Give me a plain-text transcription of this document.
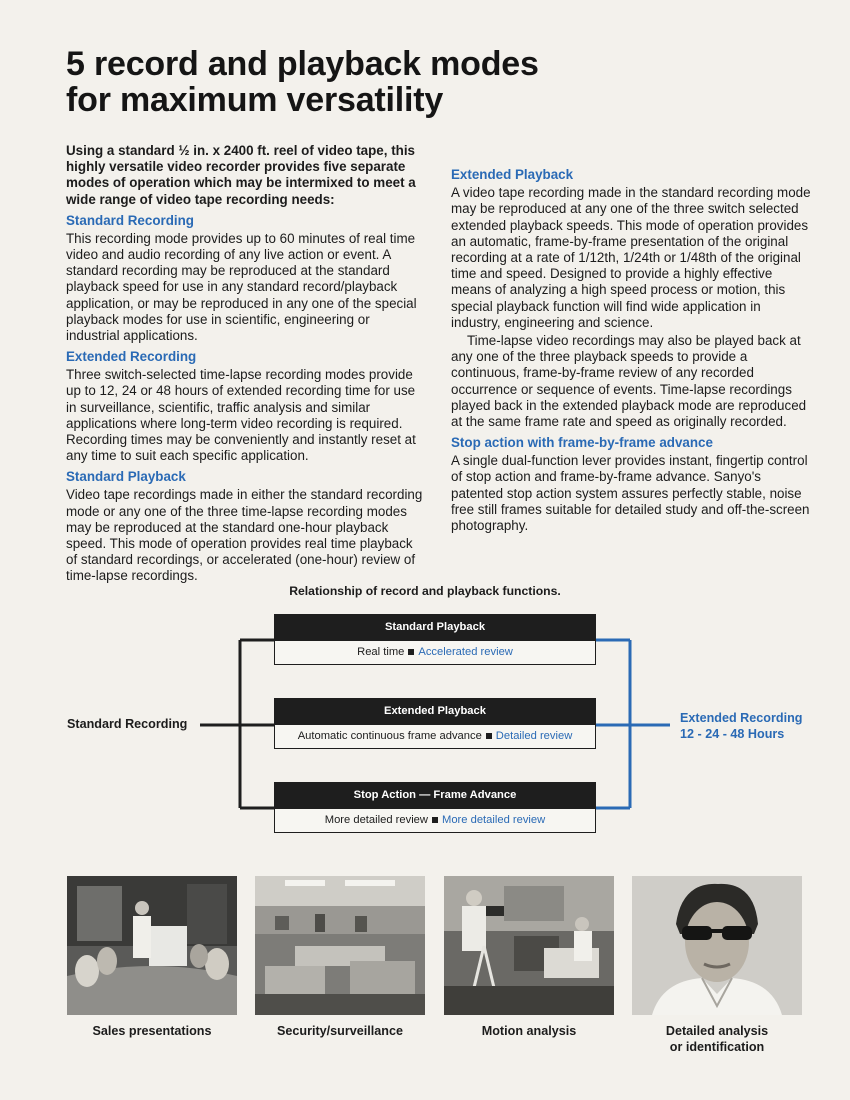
5 record and playback modes
for maximum versatility

Using a standard ½ in. x 2400 ft. reel of video tape, this highly versatile video recorder provides five separate modes of operation which may be intermixed to meet a wide range of video tape recording needs:

Standard Recording

This recording mode provides up to 60 minutes of real time video and audio recording of any live action or event. A standard recording may be reproduced at the standard playback speed for use in any standard record/playback application, or may be reproduced in any one of the special playback modes for use in scientific, engineering or industrial applications.

Extended Recording

Three switch-selected time-lapse recording modes provide up to 12, 24 or 48 hours of extended recording time for use in surveillance, scientific, traffic analysis and similar applications where long-term video recording is required. Recording times may be conveniently and instantly reset at any time to suit each specific application.

Standard Playback

Video tape recordings made in either the standard recording mode or any one of the three time-lapse recording modes may be reproduced at the standard one-hour playback speed. This mode of operation provides real time playback of standard recordings, or accelerated (one-hour) review of time-lapse recordings.

Extended Playback

A video tape recording made in the standard recording mode may be reproduced at any one of the three switch selected extended playback speeds. This mode of operation provides an automatic, frame-by-frame presentation of the original recording at a rate of 1/12th, 1/24th or 1/48th of the original time and speed. Designed to provide a highly effective means of analyzing a high speed process or motion, this special playback function will find wide application in industry, engineering and science.

Time-lapse video recordings may also be played back at any one of the three playback speeds to provide a continuous, frame-by-frame review of any recorded occurrence or sequence of events. Time-lapse recordings played back in the extended playback mode are reproduced at the same frame rate and speed as originally recorded.

Stop action with frame-by-frame advance

A single dual-function lever provides instant, fingertip control of stop action and frame-by-frame advance. Sanyo's patented stop action system assures perfectly stable, noise free still frames suitable for detailed study and off-the-screen photography.

Relationship of record and playback functions.
Standard Recording	Extended Recording
12 - 24 - 48 Hours
Standard Playback
Real time Accelerated review
Extended Playback
Automatic continuous frame advance Detailed review
Stop Action — Frame Advance
More detailed review More detailed review
Sales presentations	Security/surveillance	Motion analysis	Detailed analysis
or identification
